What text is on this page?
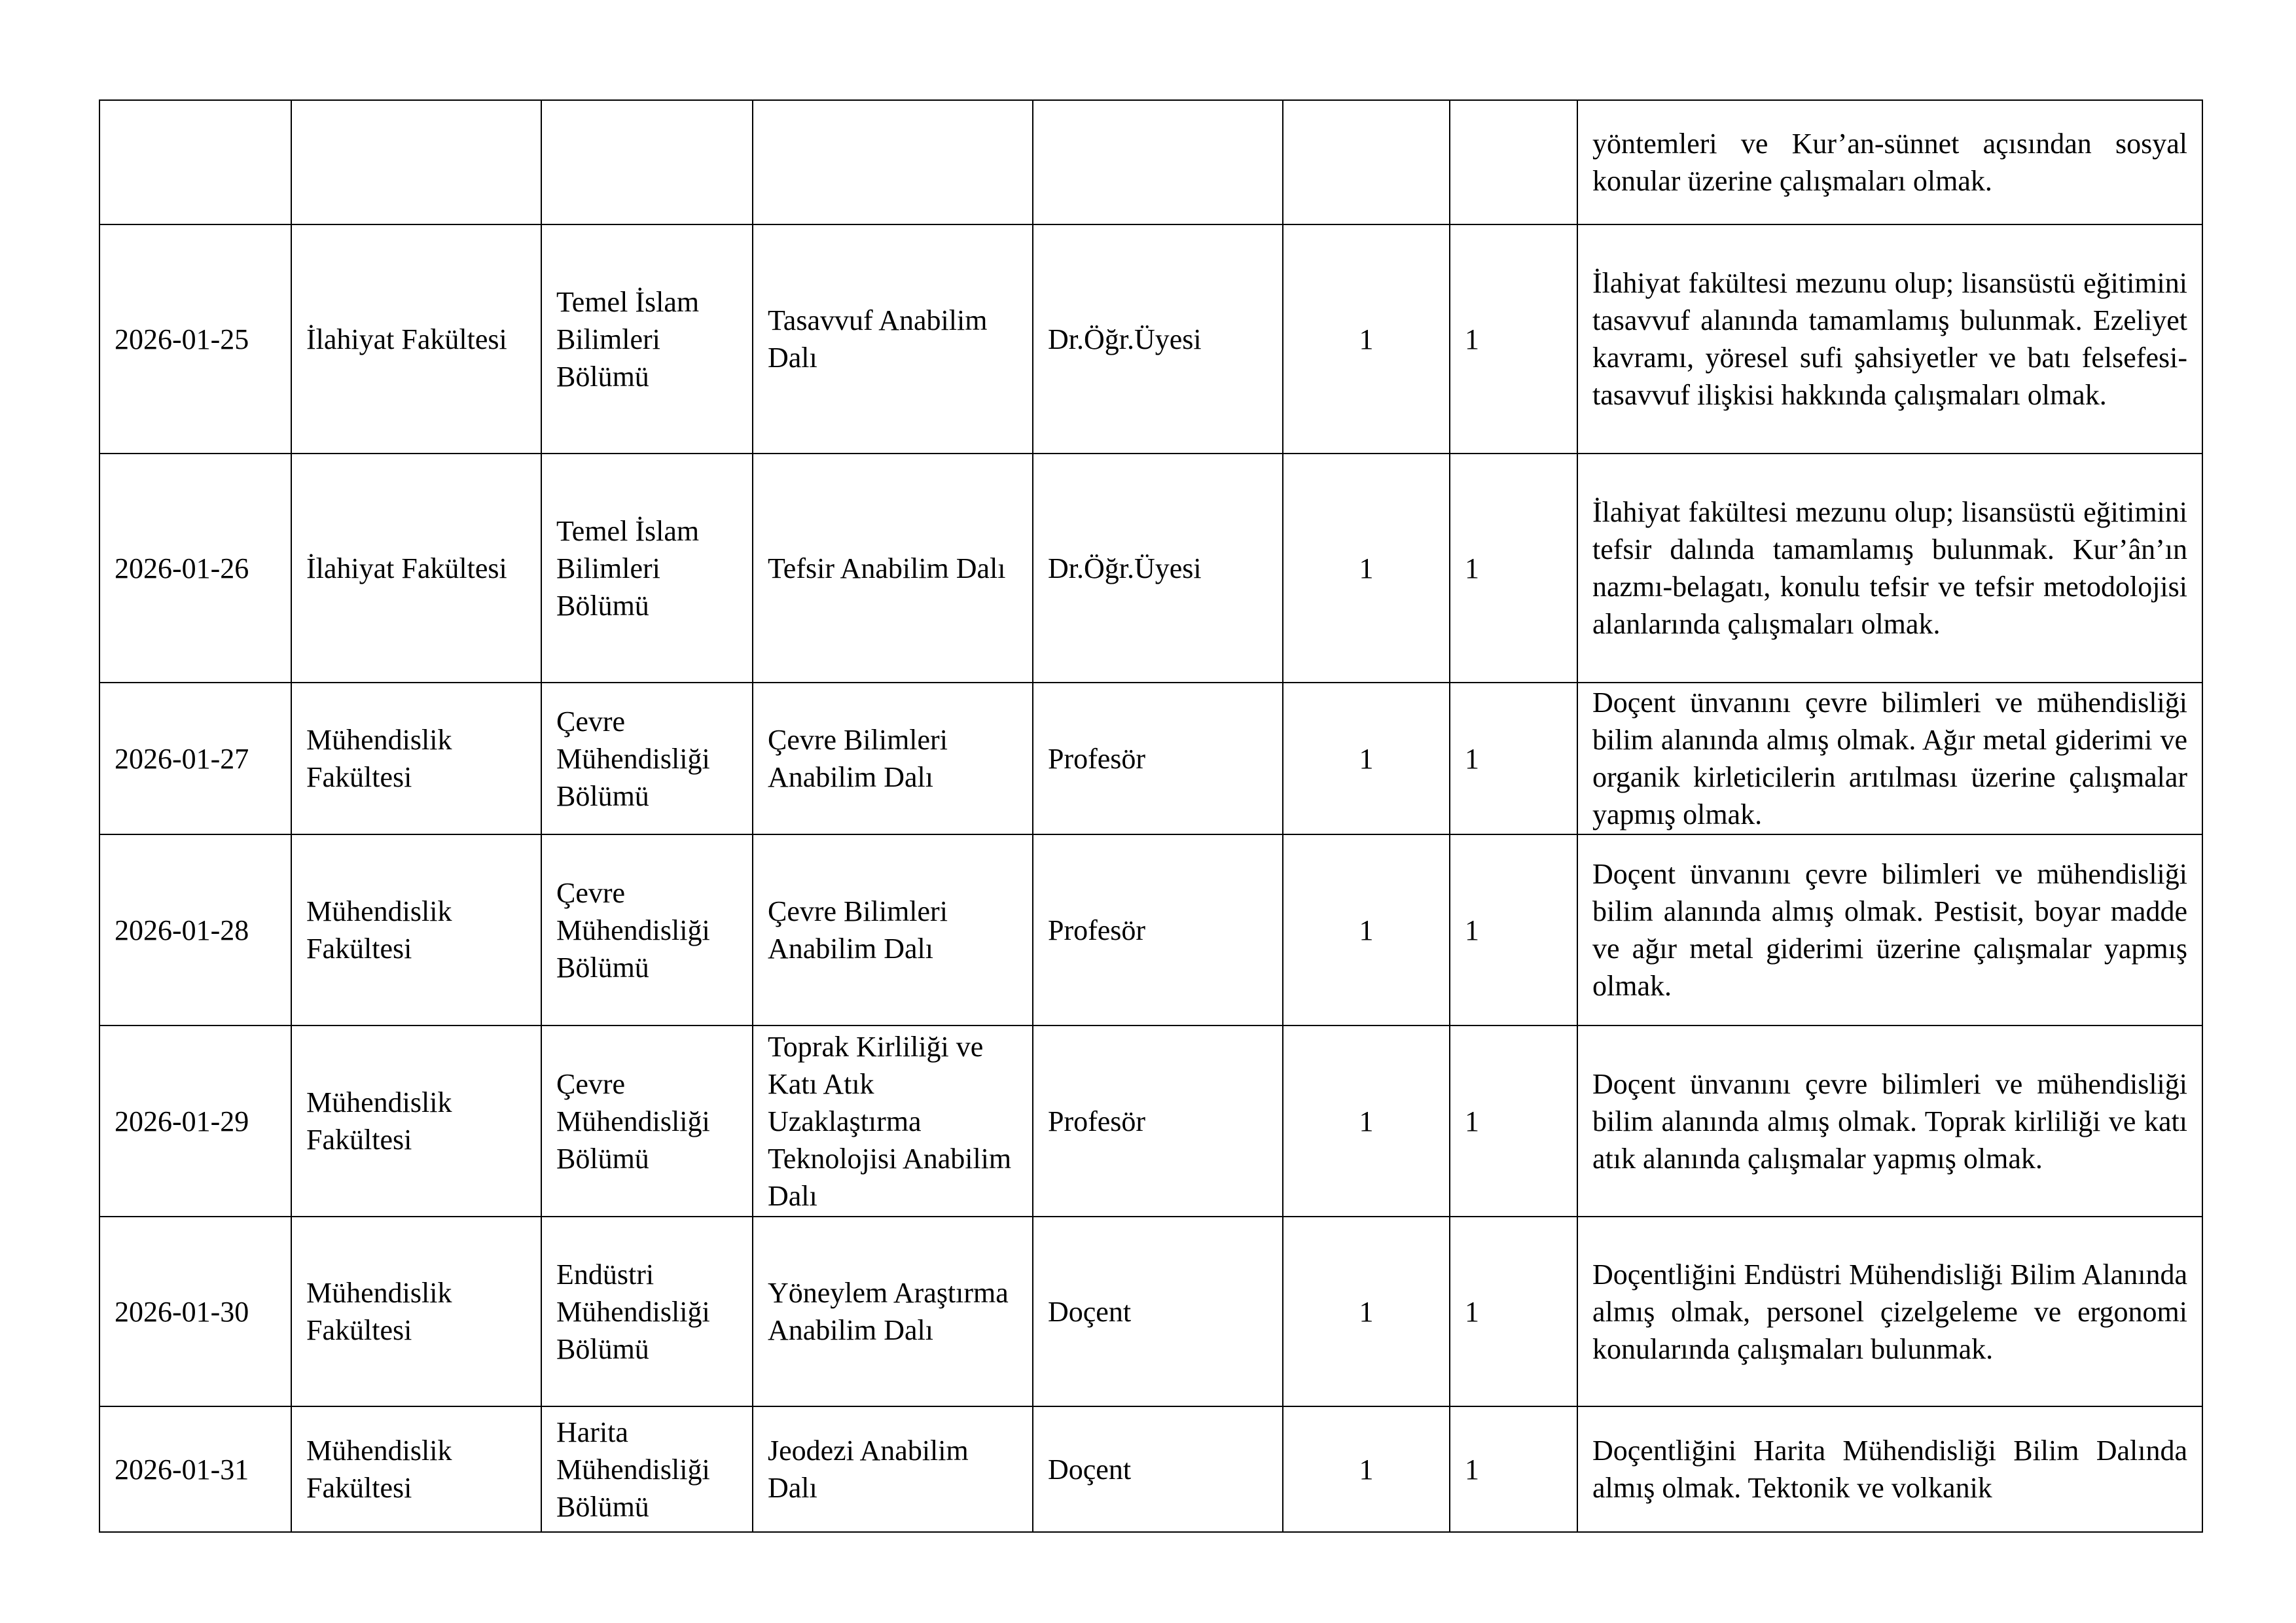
							yöntemleri ve Kur’an-sünnet açısından sosyal konular üzerine çalışmaları olmak.
2026-01-25	İlahiyat Fakültesi	Temel İslam Bilimleri Bölümü	Tasavvuf Anabilim Dalı	Dr.Öğr.Üyesi	1	1	İlahiyat fakültesi mezunu olup; lisansüstü eğitimini tasavvuf alanında tamamlamış bulunmak. Ezeliyet kavramı, yöresel sufi şahsiyetler ve batı felsefesi-tasavvuf ilişkisi hakkında çalışmaları olmak.
2026-01-26	İlahiyat Fakültesi	Temel İslam Bilimleri Bölümü	Tefsir Anabilim Dalı	Dr.Öğr.Üyesi	1	1	İlahiyat fakültesi mezunu olup; lisansüstü eğitimini tefsir dalında tamamlamış bulunmak. Kur’ân’ın nazmı-belagatı, konulu tefsir ve tefsir metodolojisi alanlarında çalışmaları olmak.
2026-01-27	Mühendislik Fakültesi	Çevre Mühendisliği Bölümü	Çevre Bilimleri Anabilim Dalı	Profesör	1	1	Doçent ünvanını çevre bilimleri ve mühendisliği bilim alanında almış olmak. Ağır metal giderimi ve organik kirleticilerin arıtılması üzerine çalışmalar yapmış olmak.
2026-01-28	Mühendislik Fakültesi	Çevre Mühendisliği Bölümü	Çevre Bilimleri Anabilim Dalı	Profesör	1	1	Doçent ünvanını çevre bilimleri ve mühendisliği bilim alanında almış olmak. Pestisit, boyar madde ve ağır metal giderimi üzerine çalışmalar yapmış olmak.
2026-01-29	Mühendislik Fakültesi	Çevre Mühendisliği Bölümü	Toprak Kirliliği ve Katı Atık Uzaklaştırma Teknolojisi Anabilim Dalı	Profesör	1	1	Doçent ünvanını çevre bilimleri ve mühendisliği bilim alanında almış olmak. Toprak kirliliği ve katı atık alanında çalışmalar yapmış olmak.
2026-01-30	Mühendislik Fakültesi	Endüstri Mühendisliği Bölümü	Yöneylem Araştırma Anabilim Dalı	Doçent	1	1	Doçentliğini Endüstri Mühendisliği Bilim Alanında almış olmak, personel çizelgeleme ve ergonomi konularında çalışmaları bulunmak.
2026-01-31	Mühendislik Fakültesi	Harita Mühendisliği Bölümü	Jeodezi Anabilim Dalı	Doçent	1	1	Doçentliğini Harita Mühendisliği Bilim Dalında almış olmak. Tektonik ve volkanik
